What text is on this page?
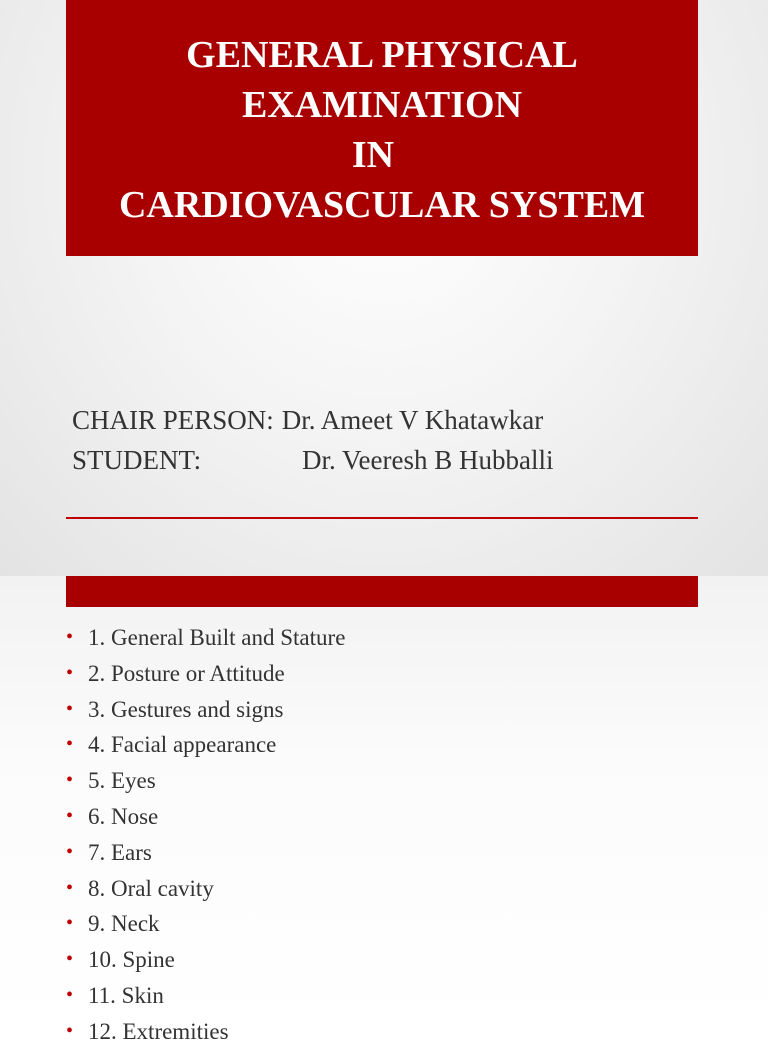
GENERAL PHYSICAL
EXAMINATION
IN
CARDIOVASCULAR SYSTEM
CHAIR PERSON: Dr. Ameet V Khatawkar
STUDENT:	Dr. Veeresh B Hubballi
• 1. General Built and Stature
• 2. Posture or Attitude
• 3. Gestures and signs
• 4. Facial appearance
• 5. Eyes
• 6. Nose
• 7. Ears
• 8. Oral cavity
• 9. Neck
• 10. Spine
• 11. Skin
• 12. Extremities
